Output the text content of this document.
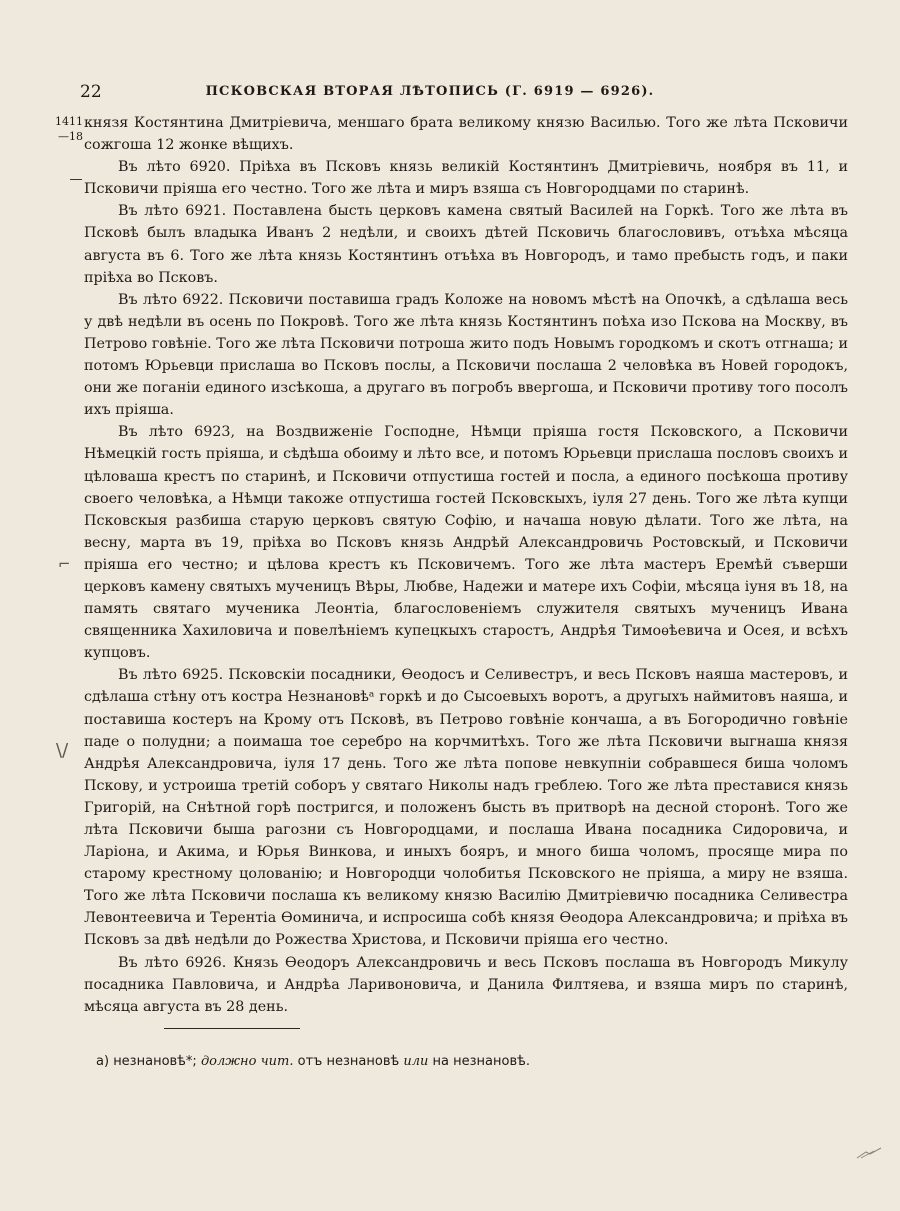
22	ПСКОВСКАЯ ВТОРАЯ ЛѢТОПИСЬ (Г. 6919 — 6926).
1411
—18
⌐
\/

князя Костянтина Дмитріевича, меншаго брата великому князю Василью. Того же лѣта Псковичи сожгоша 12 жонке вѣщихъ.

Въ лѣто 6920. Пріѣха въ Псковъ князь великій Костянтинъ Дмитріевичь, ноября въ 11, и Псковичи пріяша его честно. Того же лѣта и миръ взяша съ Новгородцами по старинѣ.

Въ лѣто 6921. Поставлена бысть церковъ камена святый Василей на Горкѣ. Того же лѣта въ Псковѣ былъ владыка Иванъ 2 недѣли, и своихъ дѣтей Псковичь благословивъ, отъѣха мѣсяца августа въ 6. Того же лѣта князь Костянтинъ отъѣха въ Новгородъ, и тамо пребысть годъ, и паки пріѣха во Псковъ.

Въ лѣто 6922. Псковичи поставиша градъ Коложе на новомъ мѣстѣ на Опочкѣ, а сдѣлаша весь у двѣ недѣли въ осень по Покровѣ. Того же лѣта князь Костянтинъ поѣха изо Пскова на Москву, въ Петрово говѣніе. Того же лѣта Псковичи потроша жито подъ Новымъ городкомъ и скотъ отгнаша; и потомъ Юрьевци прислаша во Псковъ послы, а Псковичи послаша 2 человѣка въ Новей городокъ, они же поганіи единого изсѣкоша, а другаго въ погробъ ввергоша, и Псковичи противу того посолъ ихъ пріяша.

Въ лѣто 6923, на Воздвиженіе Господне, Нѣмци пріяша гостя Псковского, а Псковичи Нѣмецкій гость пріяша, и сѣдѣша обоиму и лѣто все, и потомъ Юрьевци прислаша пословъ своихъ и цѣловаша крестъ по старинѣ, и Псковичи отпустиша гостей и посла, а единого посѣкоша противу своего человѣка, а Нѣмци такоже отпустиша гостей Псковскыхъ, іуля 27 день. Того же лѣта купци Псковскыя разбиша старую церковъ святую Софію, и начаша новую дѣлати. Того же лѣта, на весну, марта въ 19, пріѣха во Псковъ князь Андрѣй Александровичь Ростовскый, и Псковичи пріяша его честно; и цѣлова крестъ къ Псковичемъ. Того же лѣта мастеръ Еремѣй съверши церковъ камену святыхъ мученицъ Вѣры, Любве, Надежи и матере ихъ Софіи, мѣсяца іуня въ 18, на память святаго мученика Леонтіа, благословеніемъ служителя святыхъ мученицъ Ивана священника Хахиловича и повелѣніемъ купецкыхъ старостъ, Андрѣя Тимоѳѣевича и Осея, и всѣхъ купцовъ.

Въ лѣто 6925. Псковскіи посадники, Ѳеодосъ и Селивестръ, и весь Псковъ наяша мастеровъ, и сдѣлаша стѣну отъ костра Незнановѣᵃ горкѣ и до Сысоевыхъ воротъ, а другыхъ наймитовъ наяша, и поставиша костеръ на Крому отъ Псковѣ, въ Петрово говѣніе кончаша, а въ Богородично говѣніе паде о полудни; а поимаша тое серебро на корчмитѣхъ. Того же лѣта Псковичи выгнаша князя Андрѣя Александровича, іуля 17 день. Того же лѣта попове невкупніи собравшеся биша чоломъ Пскову, и устроиша третій соборъ у святаго Николы надъ греблею. Того же лѣта преставися князь Григорій, на Снѣтной горѣ постригся, и положенъ бысть въ притворѣ на десной сторонѣ. Того же лѣта Псковичи быша рагозни съ Новгородцами, и послаша Ивана посадника Сидоровича, и Ларіона, и Акима, и Юрья Винкова, и иныхъ бояръ, и много биша чоломъ, просяще мира по старому крестному цолованію; и Новгородци чолобитья Псковского не пріяша, а миру не взяша. Того же лѣта Псковичи послаша къ великому князю Василію Дмитріевичю посадника Селивестра Левонтеевича и Терентіа Ѳоминича, и испросиша собѣ князя Ѳеодора Александровича; и пріѣха въ Псковъ за двѣ недѣли до Рожества Христова, и Псковичи пріяша его честно.

Въ лѣто 6926. Князь Ѳеодоръ Александровичь и весь Псковъ послаша въ Новгородъ Микулу посадника Павловича, и Андрѣа Ларивоновича, и Данила Филтяева, и взяша миръ по старинѣ, мѣсяца августа въ 28 день.

а) незнановѣ*; должно чит. отъ незнановѣ или на незнановѣ.
